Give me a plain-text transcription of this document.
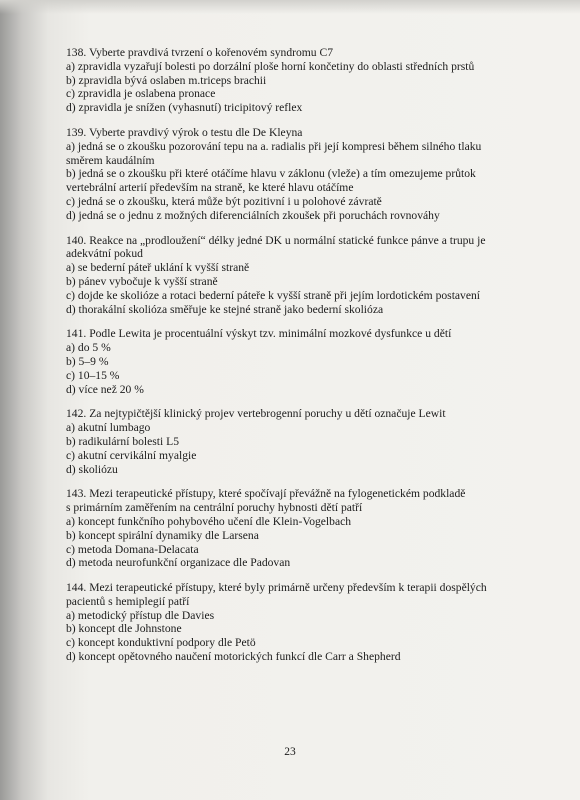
138. Vyberte pravdivá tvrzení o kořenovém syndromu C7
a) zpravidla vyzařují bolesti po dorzální ploše horní končetiny do oblasti středních prstů
b) zpravidla bývá oslaben m.triceps brachii
c) zpravidla je oslabena pronace
d) zpravidla je snížen (vyhasnutí) tricipitový reflex
139. Vyberte pravdivý výrok o testu dle De Kleyna
a) jedná se o zkoušku pozorování tepu na a. radialis při její kompresi během silného tlaku
směrem kaudálním
b) jedná se o zkoušku při které otáčíme hlavu v záklonu (vleže) a tím omezujeme průtok
vertebrální arterií především na straně, ke které hlavu otáčíme
c) jedná se o zkoušku, která může být pozitivní i u polohové závratě
d) jedná se o jednu z možných diferenciálních zkoušek při poruchách rovnováhy
140. Reakce na „prodloužení“ délky jedné DK u normální statické funkce pánve a trupu je
adekvátní pokud
a) se bederní páteř uklání k vyšší straně
b) pánev vybočuje k vyšší straně
c) dojde ke skolióze a rotaci bederní páteře k vyšší straně při jejím lordotickém postavení
d) thorakální skolióza směřuje ke stejné straně jako bederní skolióza
141. Podle Lewita je procentuální výskyt tzv. minimální mozkové dysfunkce u dětí
a) do 5 %
b) 5–9 %
c) 10–15 %
d) více než 20 %
142. Za nejtypičtější klinický projev vertebrogenní poruchy u dětí označuje Lewit
a) akutní lumbago
b) radikulární bolesti L5
c) akutní cervikální myalgie
d) skoliózu
143. Mezi terapeutické přístupy, které spočívají převážně na fylogenetickém podkladě
s primárním zaměřením na centrální poruchy hybnosti dětí patří
a) koncept funkčního pohybového učení dle Klein-Vogelbach
b) koncept spirální dynamiky dle Larsena
c) metoda Domana-Delacata
d) metoda neurofunkční organizace dle Padovan
144. Mezi terapeutické přístupy, které byly primárně určeny především k terapii dospělých
pacientů s hemiplegií patří
a) metodický přístup dle Davies
b) koncept dle Johnstone
c) koncept konduktivní podpory dle Petö
d) koncept opětovného naučení motorických funkcí dle Carr a Shepherd
23
